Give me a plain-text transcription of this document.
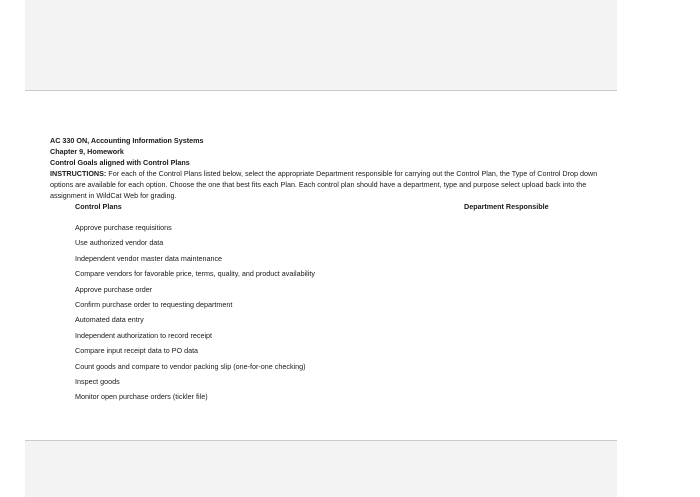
AC 330 ON, Accounting Information Systems
Chapter 9, Homework
Control Goals aligned with Control Plans

INSTRUCTIONS: For each of the Control Plans listed below, select the appropriate Department responsible for carrying out the Control Plan, the Type of Control Drop down options are available for each option. Choose the one that best fits each Plan. Each control plan should have a department, type and purpose select upload back into the assignment in WildCat Web for grading.

Control Plans	Department Responsible
Approve purchase requisitions
Use authorized vendor data
Independent vendor master data maintenance
Compare vendors for favorable price, terms, quality, and product availability
Approve purchase order
Confirm purchase order to requesting department
Automated data entry
Independent authorization to record receipt
Compare input receipt data to PO data
Count goods and compare to vendor packing slip (one-for-one checking)
Inspect goods
Monitor open purchase orders (tickler file)
